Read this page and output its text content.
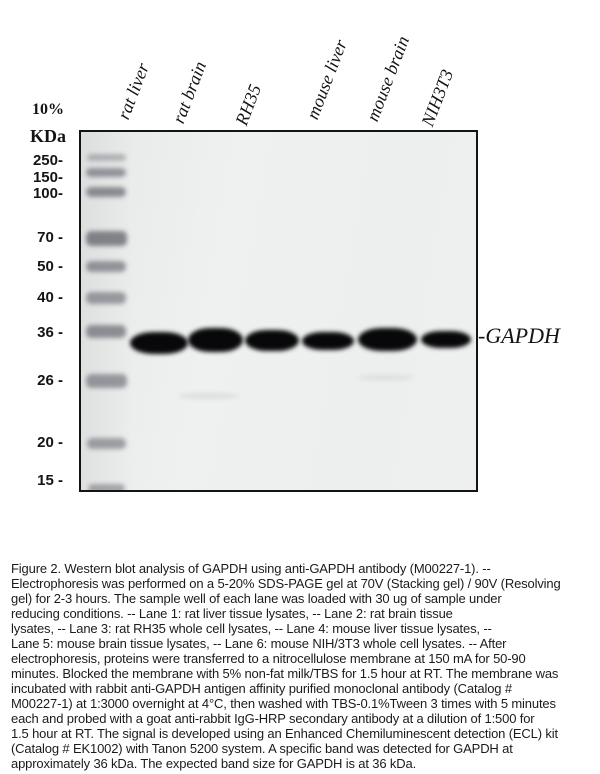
10%
KDa
250-
150-
100-
70 -
50 -
40 -
36 -
26 -
20 -
15 -
rat liver rat brain RH35 mouse liver mouse brain NIH3T3
-GAPDH
Figure 2. Western blot analysis of GAPDH using anti-GAPDH antibody (M00227-1). --
Electrophoresis was performed on a 5-20% SDS-PAGE gel at 70V (Stacking gel) / 90V (Resolving
gel) for 2-3 hours. The sample well of each lane was loaded with 30 ug of sample under
reducing conditions. -- Lane 1: rat liver tissue lysates, -- Lane 2: rat brain tissue
lysates, -- Lane 3: rat RH35 whole cell lysates, -- Lane 4: mouse liver tissue lysates, --
Lane 5: mouse brain tissue lysates, -- Lane 6: mouse NIH/3T3 whole cell lysates. -- After
electrophoresis, proteins were transferred to a nitrocellulose membrane at 150 mA for 50-90
minutes. Blocked the membrane with 5% non-fat milk/TBS for 1.5 hour at RT. The membrane was
incubated with rabbit anti-GAPDH antigen affinity purified monoclonal antibody (Catalog #
M00227-1) at 1:3000 overnight at 4°C, then washed with TBS-0.1%Tween 3 times with 5 minutes
each and probed with a goat anti-rabbit IgG-HRP secondary antibody at a dilution of 1:500 for
1.5 hour at RT. The signal is developed using an Enhanced Chemiluminescent detection (ECL) kit
(Catalog # EK1002) with Tanon 5200 system. A specific band was detected for GAPDH at
approximately 36 kDa. The expected band size for GAPDH is at 36 kDa.
